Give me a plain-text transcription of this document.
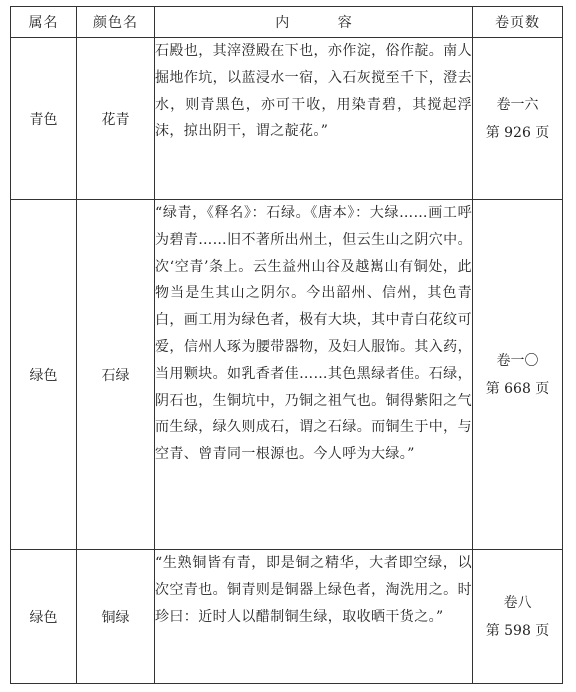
属名	颜色名	内 容	卷页数
青色	花青	石殿也，其滓澄殿在下也，亦作淀，俗作靛。南人掘地作坑，以蓝浸水一宿，入石灰搅至千下，澄去水，则青黑色，亦可干收，用染青碧，其搅起浮沫，掠出阴干，谓之靛花。”	卷一六
第 926 页

绿色	石绿	“绿青，《释名》：石绿。《唐本》：大绿……画工呼为碧青……旧不著所出州土，但云生山之阴穴中。次‘空青’条上。云生益州山谷及越嶲山有铜处，此物当是生其山之阴尔。今出韶州、信州，其色青白，画工用为绿色者，极有大块，其中青白花纹可爱，信州人琢为腰带器物，及妇人服饰。其入药，当用颗块。如乳香者佳……其色黑绿者佳。石绿，阴石也，生铜坑中，乃铜之祖气也。铜得紫阳之气而生绿，绿久则成石，谓之石绿。而铜生于中，与空青、曾青同一根源也。今人呼为大绿。”	卷一〇
第 668 页

绿色	铜绿	“生熟铜皆有青，即是铜之精华，大者即空绿，以次空青也。铜青则是铜器上绿色者，淘洗用之。时珍曰：近时人以醋制铜生绿，取收晒干货之。”	卷八
第 598 页
